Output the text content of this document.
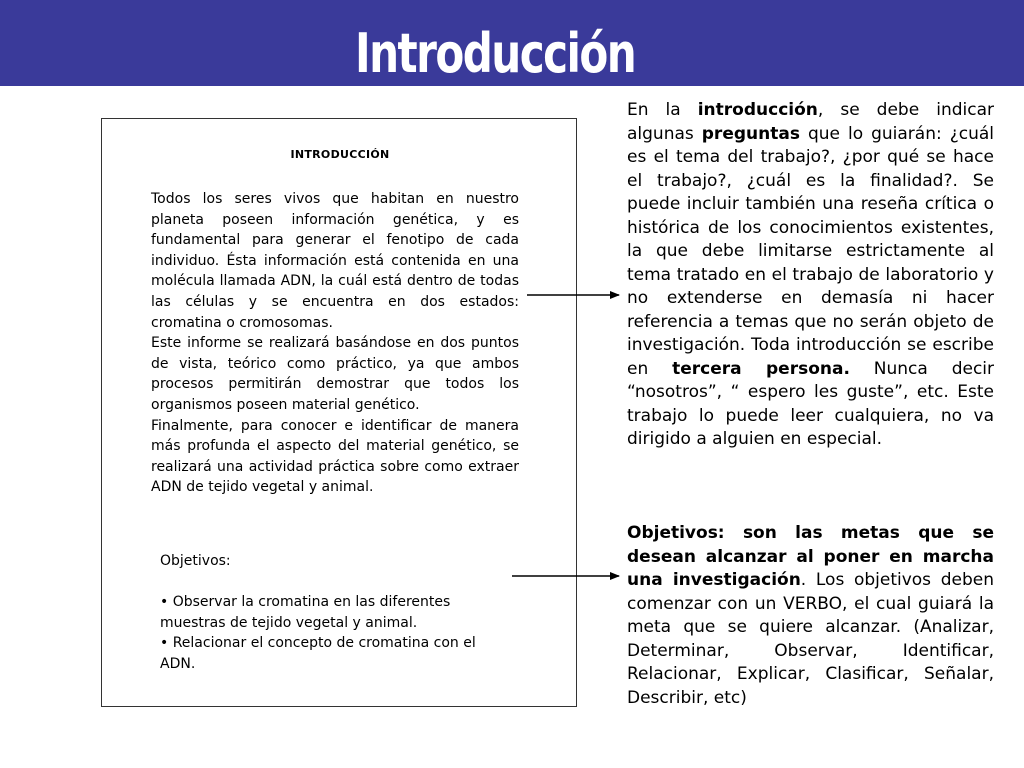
Introducción
INTRODUCCIÓN

Todos los seres vivos que habitan en nuestro planeta poseen información genética, y es fundamental para generar el fenotipo de cada individuo. Ésta información está contenida en una molécula llamada ADN, la cuál está dentro de todas las células y se encuentra en dos estados: cromatina o cromosomas.

Este informe se realizará basándose en dos puntos de vista, teórico como práctico, ya que ambos procesos permitirán demostrar que todos los organismos poseen material genético.

Finalmente, para conocer e identificar de manera más profunda el aspecto del material genético, se realizará una actividad práctica sobre como extraer ADN de tejido vegetal y animal.

Objetivos:

• Observar la cromatina en las diferentes muestras de tejido vegetal y animal.

• Relacionar el concepto de cromatina con el ADN.

En la introducción, se debe indicar algunas preguntas que lo guiarán: ¿cuál es el tema del trabajo?, ¿por qué se hace el trabajo?, ¿cuál es la finalidad?. Se puede incluir también una reseña crítica o histórica de los conocimientos existentes, la que debe limitarse estrictamente al tema tratado en el trabajo de laboratorio y no extenderse en demasía ni hacer referencia a temas que no serán objeto de investigación. Toda introducción se escribe en tercera persona. Nunca decir “nosotros”, “ espero les guste”, etc. Este trabajo lo puede leer cualquiera, no va dirigido a alguien en especial.
Objetivos: son las metas que se desean alcanzar al poner en marcha una investigación. Los objetivos deben comenzar con un VERBO, el cual guiará la meta que se quiere alcanzar. (Analizar, Determinar, Observar, Identificar, Relacionar, Explicar, Clasificar, Señalar, Describir, etc)
